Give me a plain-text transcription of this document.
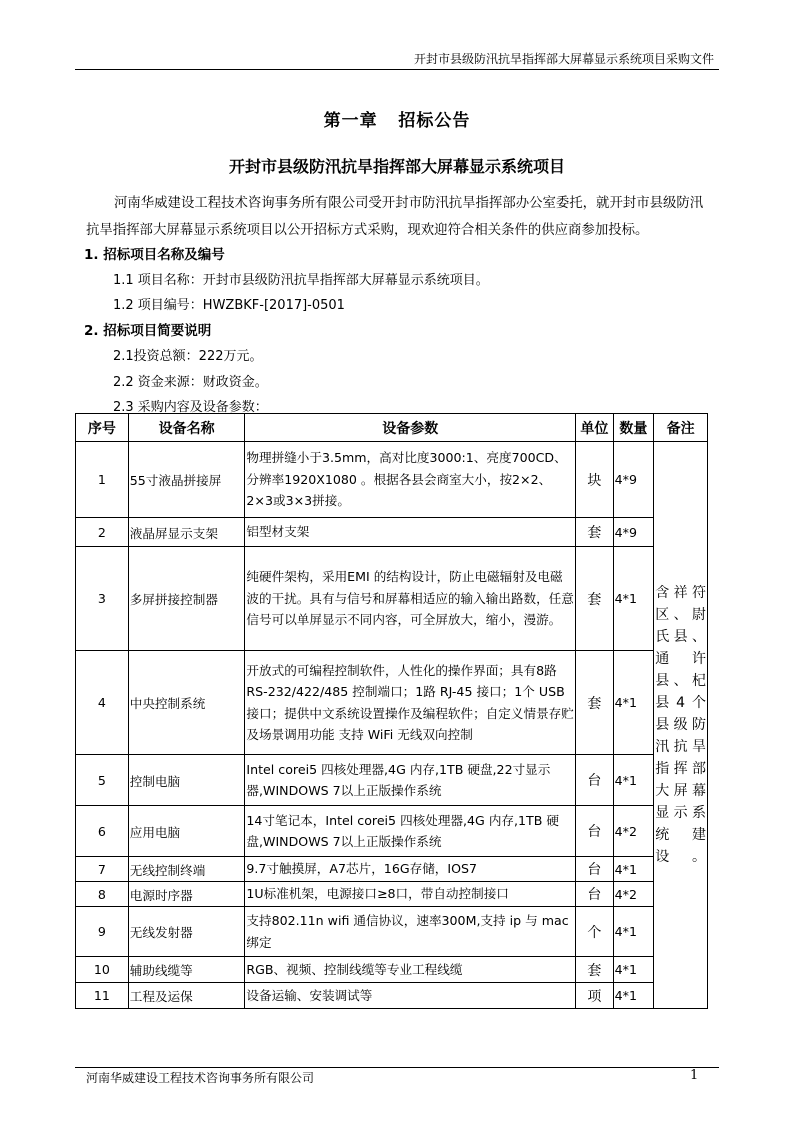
开封市县级防汛抗旱指挥部大屏幕显示系统项目采购文件
第一章   招标公告
开封市县级防汛抗旱指挥部大屏幕显示系统项目
河南华威建设工程技术咨询事务所有限公司受开封市防汛抗旱指挥部办公室委托，就开封市县级防汛抗旱指挥部大屏幕显示系统项目以公开招标方式采购，现欢迎符合相关条件的供应商参加投标。
1. 招标项目名称及编号
1.1 项目名称：开封市县级防汛抗旱指挥部大屏幕显示系统项目。
1.2 项目编号：HWZBKF-[2017]-0501
2. 招标项目简要说明
2.1投资总额：222万元。
2.2 资金来源：财政资金。
2.3 采购内容及设备参数：
序号	设备名称	设备参数	单位	数量	备注
1	55寸液晶拼接屏	物理拼缝小于3.5mm，高对比度3000:1、亮度700CD、分辨率1920X1080 。根据各县会商室大小，按2×2、2×3或3×3拼接。	块	4*9	含祥符区、尉氏县、通许县、杞县4个县级防汛抗旱指挥部大屏幕显示系统建设。
2	液晶屏显示支架	铝型材支架	套	4*9	
3	多屏拼接控制器	纯硬件架构，采用EMI 的结构设计，防止电磁辐射及电磁波的干扰。具有与信号和屏幕相适应的输入输出路数，任意信号可以单屏显示不同内容，可全屏放大，缩小，漫游。	套	4*1	
4	中央控制系统	开放式的可编程控制软件，人性化的操作界面；具有8路 RS-232/422/485 控制端口；1路 RJ-45 接口；1个 USB 接口；提供中文系统设置操作及编程软件；自定义情景存贮及场景调用功能 支持 WiFi 无线双向控制	套	4*1	
5	控制电脑	Intel corei5 四核处理器,4G 内存,1TB 硬盘,22寸显示器,WINDOWS 7以上正版操作系统	台	4*1	
6	应用电脑	14寸笔记本，Intel corei5 四核处理器,4G 内存,1TB 硬盘,WINDOWS 7以上正版操作系统	台	4*2	
7	无线控制终端	9.7寸触摸屏，A7芯片，16G存储，IOS7	台	4*1	
8	电源时序器	1U标准机架，电源接口≥8口，带自动控制接口	台	4*2	
9	无线发射器	支持802.11n wifi 通信协议，速率300M,支持 ip 与 mac绑定	个	4*1	
10	辅助线缆等	RGB、视频、控制线缆等专业工程线缆	套	4*1	
11	工程及运保	设备运输、安装调试等	项	4*1	
河南华威建设工程技术咨询事务所有限公司	1
